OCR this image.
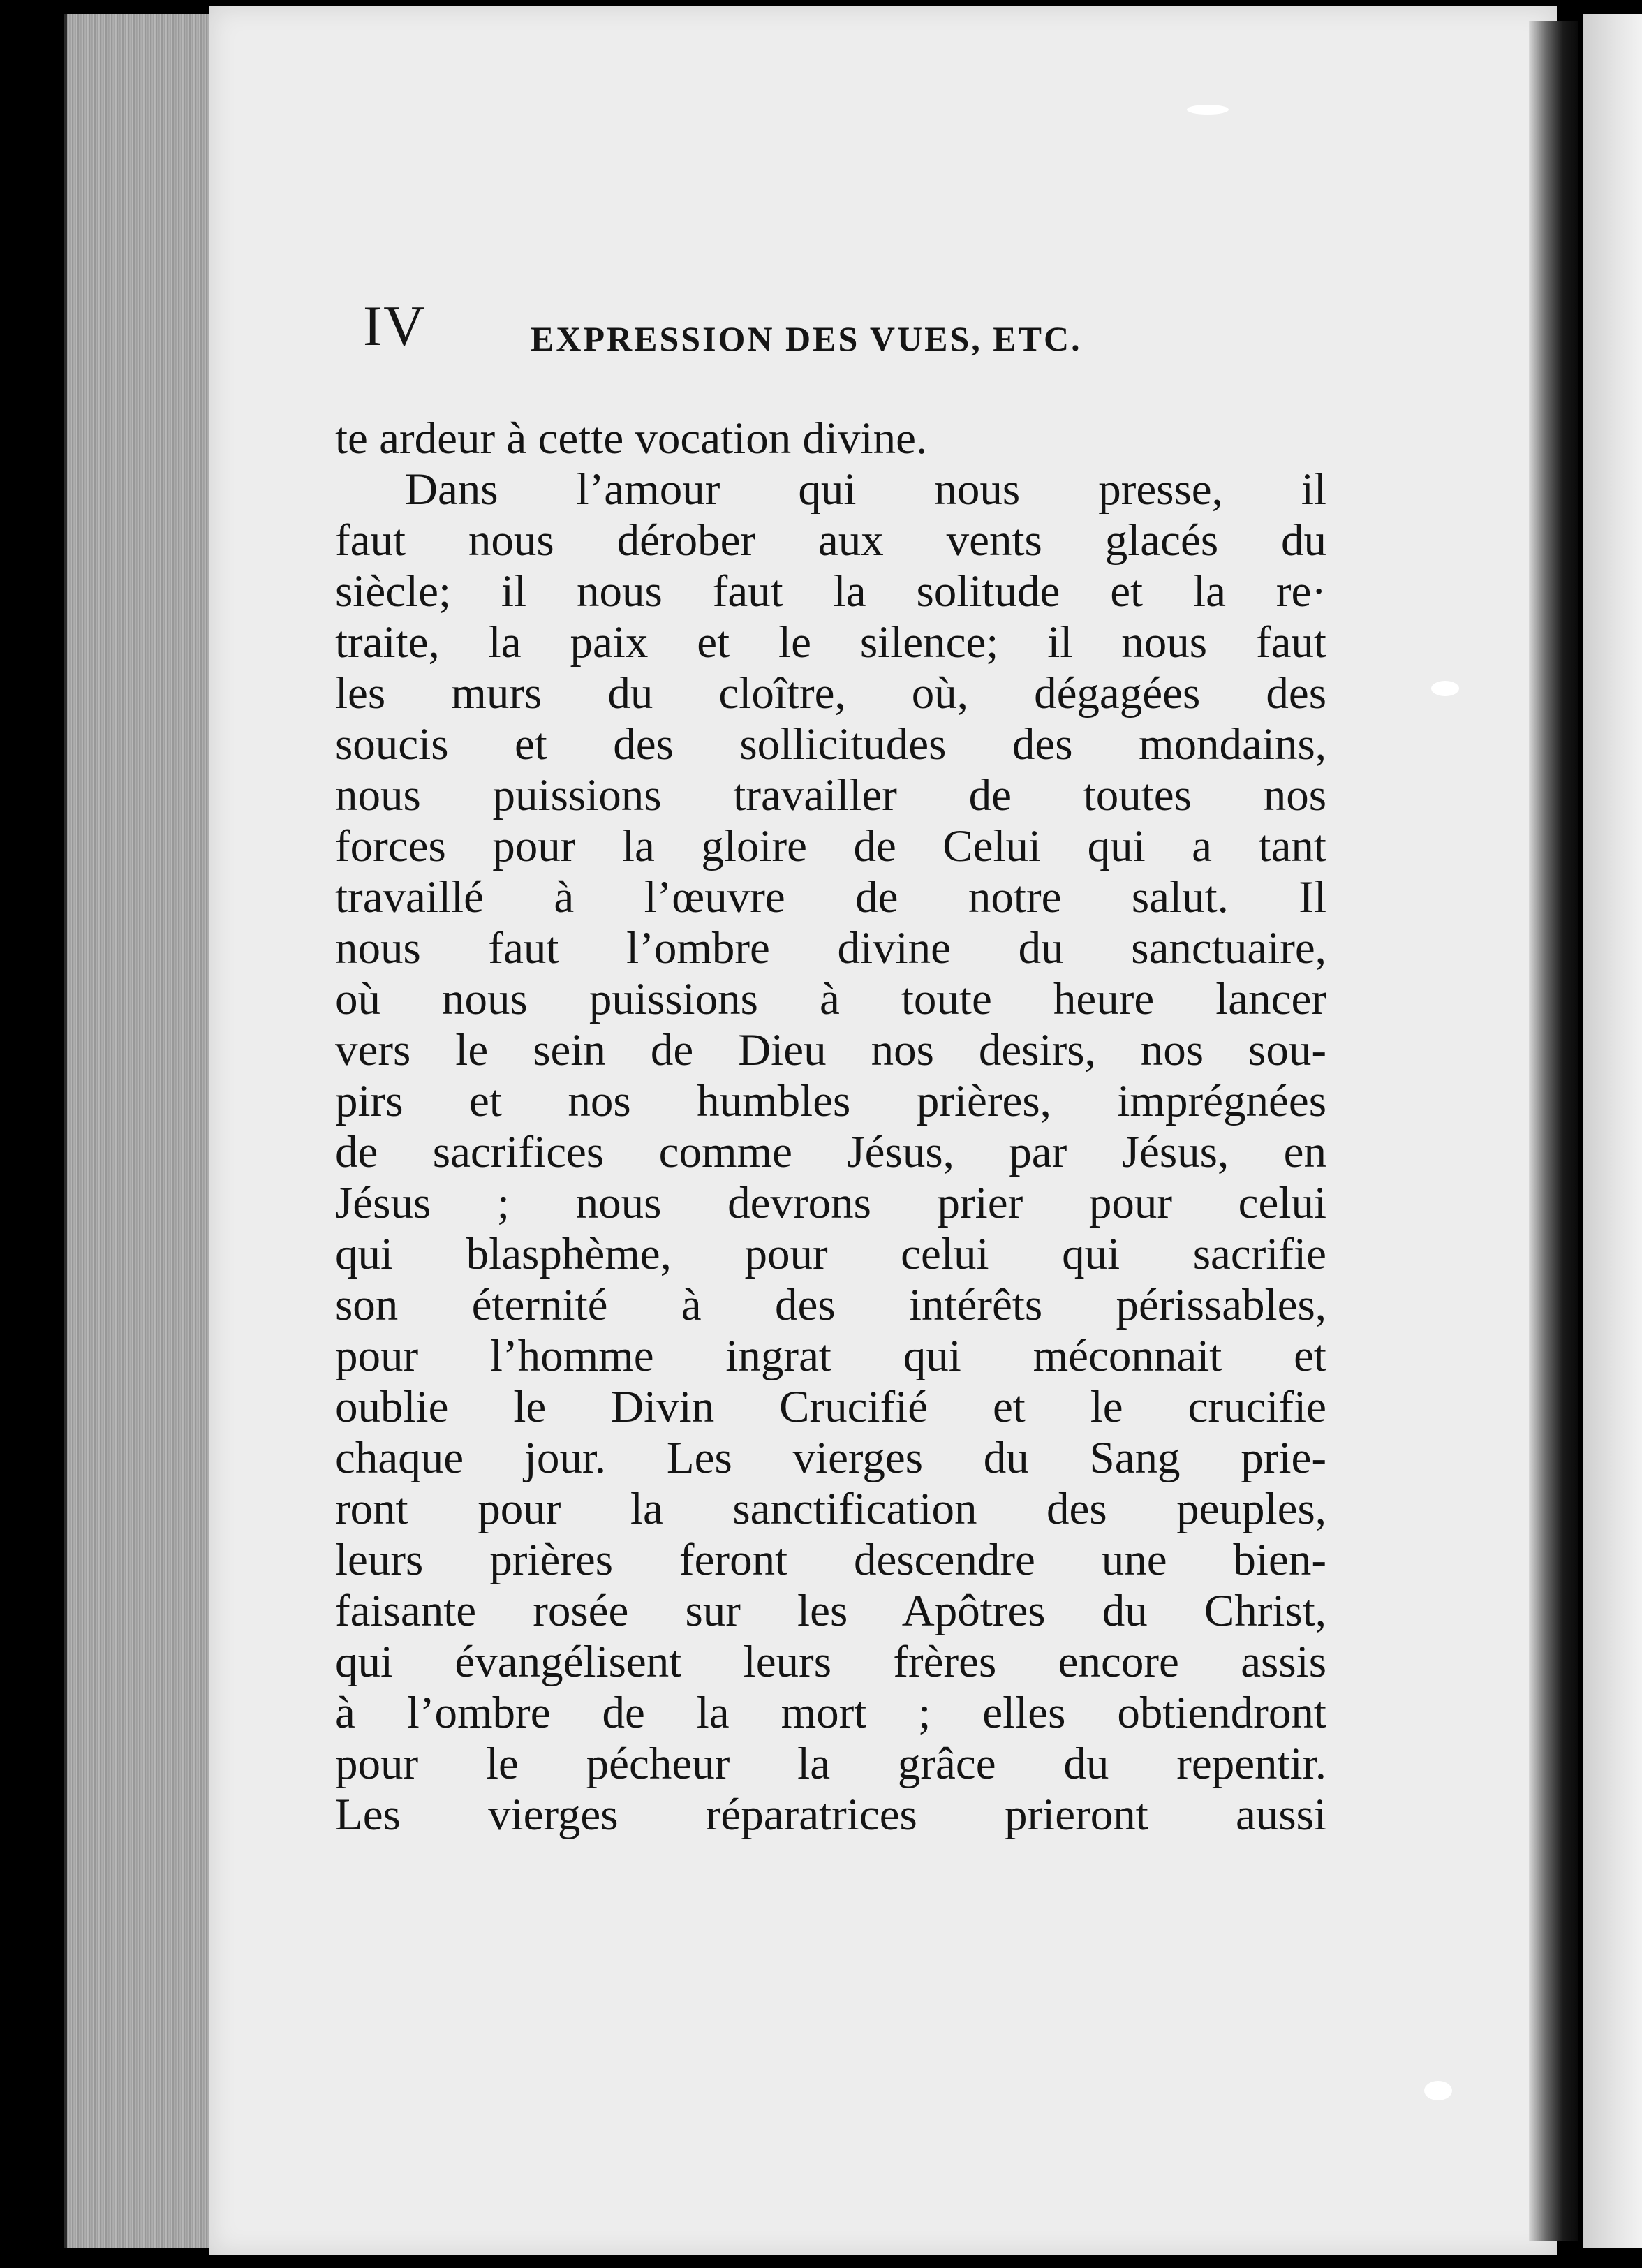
IV	EXPRESSION DES VUES, ETC.
te ardeur à cette vocation divine.
Dans l’amour qui nous presse, il
faut nous dérober aux vents glacés du
siècle; il nous faut la solitude et la re·
traite, la paix et le silence; il nous faut
les murs du cloître, où, dégagées des
soucis et des sollicitudes des mondains,
nous puissions travailler de toutes nos
forces pour la gloire de Celui qui a tant
travaillé à l’œuvre de notre salut. Il
nous faut l’ombre divine du sanctuaire,
où nous puissions à toute heure lancer
vers le sein de Dieu nos desirs, nos sou-
pirs et nos humbles prières, imprégnées
de sacrifices comme Jésus, par Jésus, en
Jésus ; nous devrons prier pour celui
qui blasphème, pour celui qui sacrifie
son éternité à des intérêts périssables,
pour l’homme ingrat qui méconnait et
oublie le Divin Crucifié et le crucifie
chaque jour. Les vierges du Sang prie-
ront pour la sanctification des peuples,
leurs prières feront descendre une bien-
faisante rosée sur les Apôtres du Christ,
qui évangélisent leurs frères encore assis
à l’ombre de la mort ; elles obtiendront
pour le pécheur la grâce du repentir.
Les vierges réparatrices prieront aussi
